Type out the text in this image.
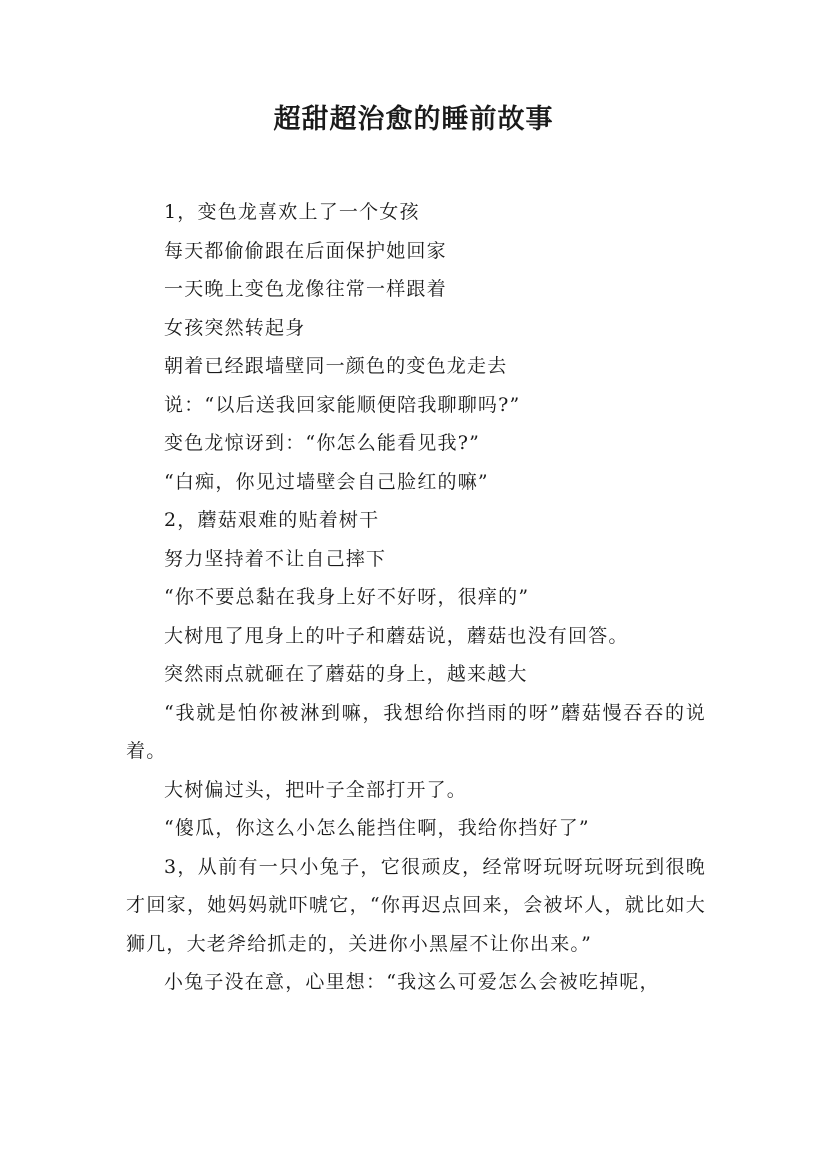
超甜超治愈的睡前故事

1，变色龙喜欢上了一个女孩

每天都偷偷跟在后面保护她回家

一天晚上变色龙像往常一样跟着

女孩突然转起身

朝着已经跟墙壁同一颜色的变色龙走去

说：“以后送我回家能顺便陪我聊聊吗?”

变色龙惊讶到：“你怎么能看见我?”

“白痴，你见过墙壁会自己脸红的嘛”

2，蘑菇艰难的贴着树干

努力坚持着不让自己摔下

“你不要总黏在我身上好不好呀，很痒的”

大树甩了甩身上的叶子和蘑菇说，蘑菇也没有回答。

突然雨点就砸在了蘑菇的身上，越来越大

“我就是怕你被淋到嘛，我想给你挡雨的呀”蘑菇慢吞吞的说着。

大树偏过头，把叶子全部打开了。

“傻瓜，你这么小怎么能挡住啊，我给你挡好了”

3，从前有一只小兔子，它很顽皮，经常呀玩呀玩呀玩到很晚才回家，她妈妈就吓唬它，“你再迟点回来，会被坏人，就比如大狮几，大老斧给抓走的，关进你小黑屋不让你出来。”

小兔子没在意，心里想：“我这么可爱怎么会被吃掉呢，
